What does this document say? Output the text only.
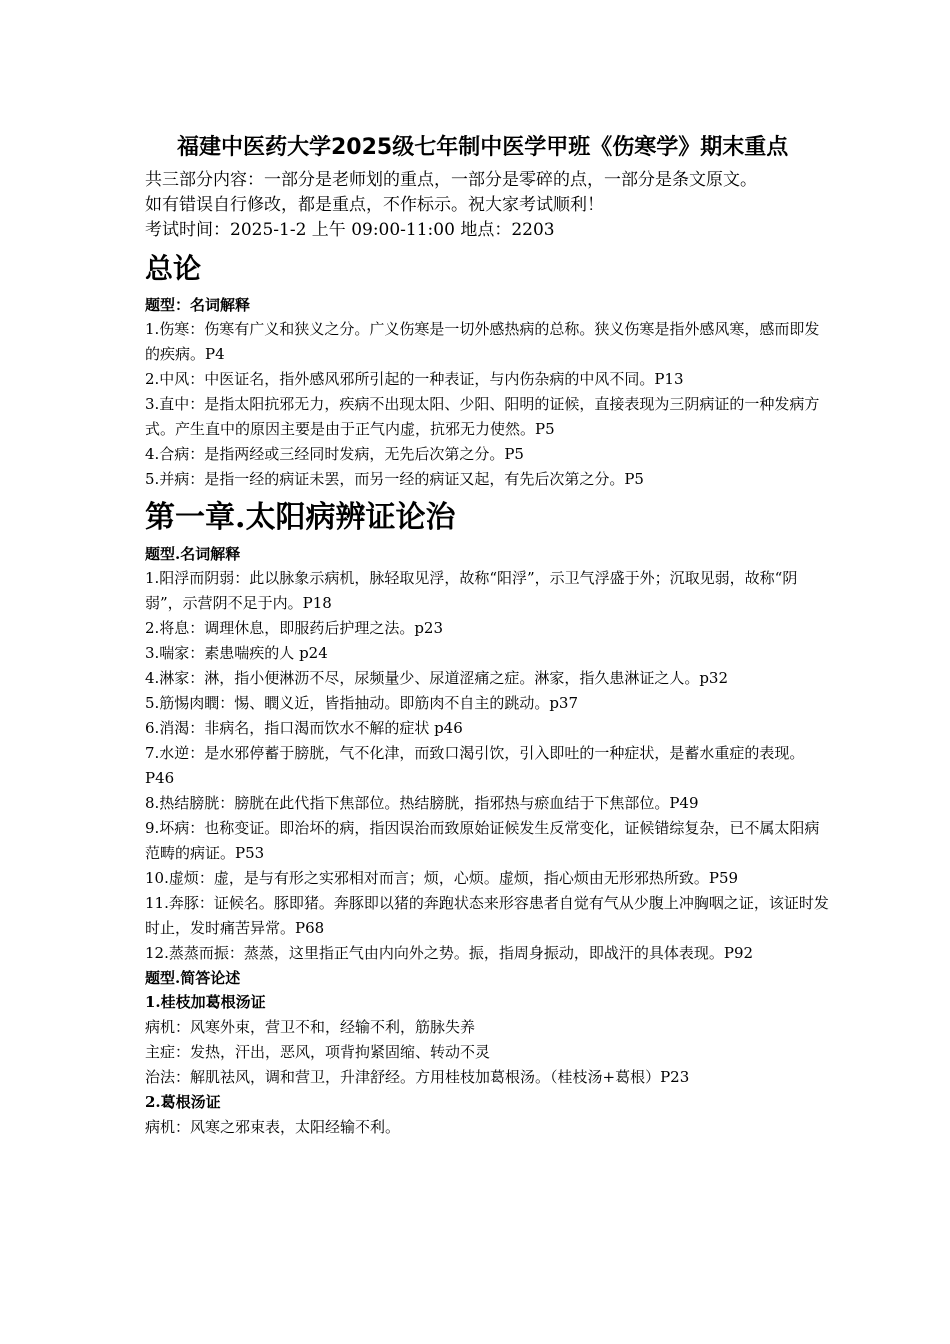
福建中医药大学2025级七年制中医学甲班《伤寒学》期末重点

共三部分内容：一部分是老师划的重点，一部分是零碎的点，一部分是条文原文。

如有错误自行修改，都是重点，不作标示。祝大家考试顺利！

考试时间：2025-1-2 上午 09:00-11:00 地点：2203

总论

题型：名词解释

1.伤寒：伤寒有广义和狭义之分。广义伤寒是一切外感热病的总称。狭义伤寒是指外感风寒，感而即发的疾病。P4

2.中风：中医证名，指外感风邪所引起的一种表证，与内伤杂病的中风不同。P13

3.直中：是指太阳抗邪无力，疾病不出现太阳、少阳、阳明的证候，直接表现为三阴病证的一种发病方式。产生直中的原因主要是由于正气内虚，抗邪无力使然。P5

4.合病：是指两经或三经同时发病，无先后次第之分。P5

5.并病：是指一经的病证未罢，而另一经的病证又起，有先后次第之分。P5

第一章.太阳病辨证论治

题型.名词解释

1.阳浮而阴弱：此以脉象示病机，脉轻取见浮，故称“阳浮”，示卫气浮盛于外；沉取见弱，故称“阴弱”，示营阴不足于内。P18

2.将息：调理休息，即服药后护理之法。p23

3.喘家：素患喘疾的人 p24

4.淋家：淋，指小便淋沥不尽，尿频量少、尿道涩痛之症。淋家，指久患淋证之人。p32

5.筋惕肉瞤：惕、瞤义近，皆指抽动。即筋肉不自主的跳动。p37

6.消渴：非病名，指口渴而饮水不解的症状 p46

7.水逆：是水邪停蓄于膀胱，气不化津，而致口渴引饮，引入即吐的一种症状，是蓄水重症的表现。P46

8.热结膀胱：膀胱在此代指下焦部位。热结膀胱，指邪热与瘀血结于下焦部位。P49

9.坏病：也称变证。即治坏的病，指因误治而致原始证候发生反常变化，证候错综复杂，已不属太阳病范畴的病证。P53

10.虚烦：虚，是与有形之实邪相对而言；烦，心烦。虚烦，指心烦由无形邪热所致。P59

11.奔豚：证候名。豚即猪。奔豚即以猪的奔跑状态来形容患者自觉有气从少腹上冲胸咽之证，该证时发时止，发时痛苦异常。P68

12.蒸蒸而振：蒸蒸，这里指正气由内向外之势。振，指周身振动，即战汗的具体表现。P92

题型.简答论述

1.桂枝加葛根汤证

病机：风寒外束，营卫不和，经输不利，筋脉失养

主症：发热，汗出，恶风，项背拘紧固缩、转动不灵

治法：解肌祛风，调和营卫，升津舒经。方用桂枝加葛根汤。（桂枝汤+葛根）P23

2.葛根汤证

病机：风寒之邪束表，太阳经输不利。
